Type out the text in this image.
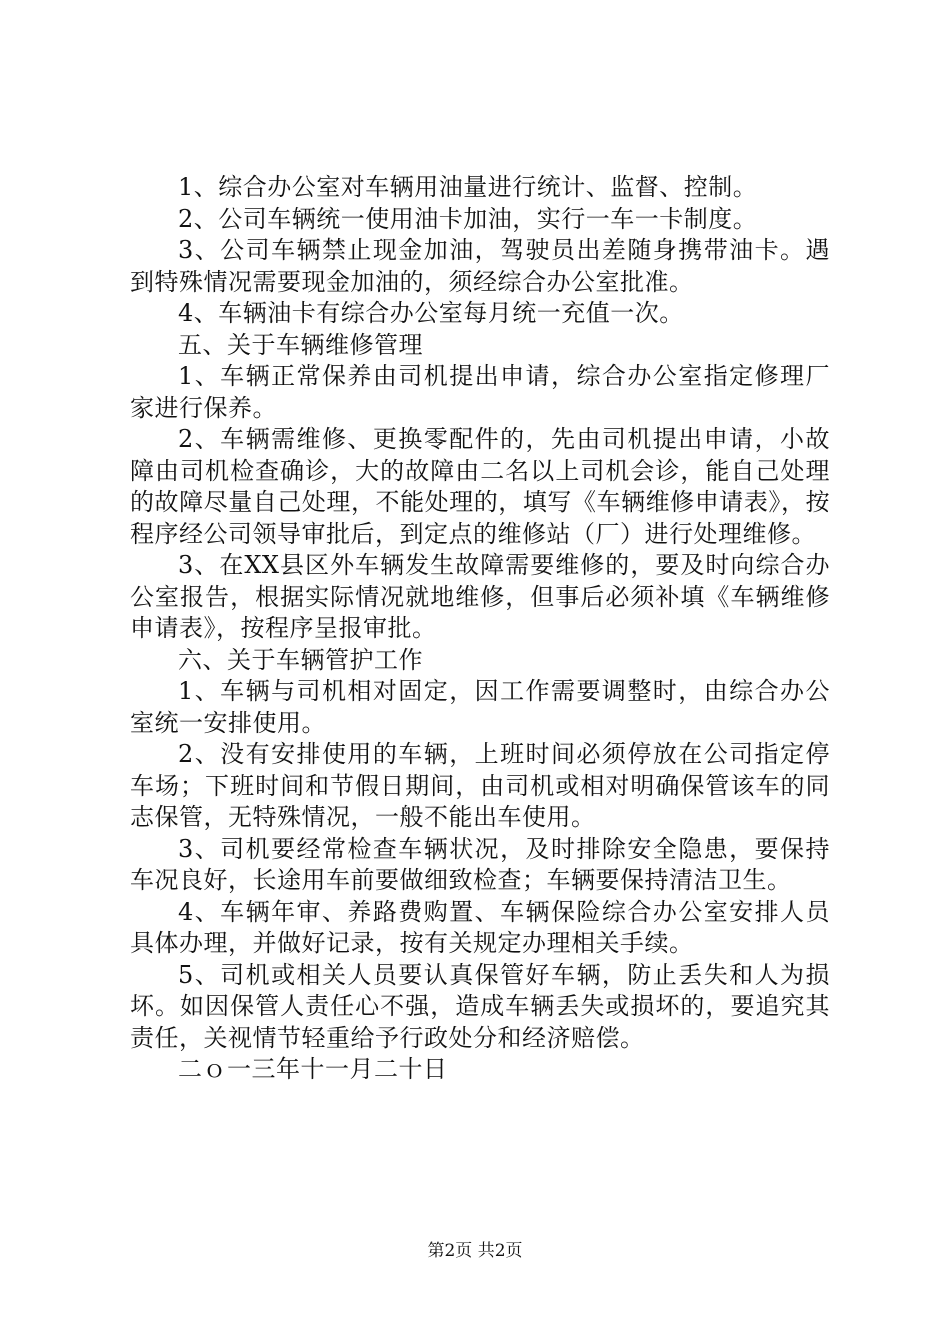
1、综合办公室对车辆用油量进行统计、监督、控制。

2、公司车辆统一使用油卡加油，实行一车一卡制度。

3、公司车辆禁止现金加油，驾驶员出差随身携带油卡。遇到特殊情况需要现金加油的，须经综合办公室批准。

4、车辆油卡有综合办公室每月统一充值一次。

五、关于车辆维修管理

1、车辆正常保养由司机提出申请，综合办公室指定修理厂家进行保养。

2、车辆需维修、更换零配件的，先由司机提出申请，小故障由司机检查确诊，大的故障由二名以上司机会诊，能自己处理的故障尽量自己处理，不能处理的，填写《车辆维修申请表》，按程序经公司领导审批后，到定点的维修站（厂）进行处理维修。

3、在XX县区外车辆发生故障需要维修的，要及时向综合办公室报告，根据实际情况就地维修，但事后必须补填《车辆维修申请表》，按程序呈报审批。

六、关于车辆管护工作

1、车辆与司机相对固定，因工作需要调整时，由综合办公室统一安排使用。

2、没有安排使用的车辆，上班时间必须停放在公司指定停车场；下班时间和节假日期间，由司机或相对明确保管该车的同志保管，无特殊情况，一般不能出车使用。

3、司机要经常检查车辆状况，及时排除安全隐患，要保持车况良好，长途用车前要做细致检查；车辆要保持清洁卫生。

4、车辆年审、养路费购置、车辆保险综合办公室安排人员具体办理，并做好记录，按有关规定办理相关手续。

5、司机或相关人员要认真保管好车辆，防止丢失和人为损坏。如因保管人责任心不强，造成车辆丢失或损坏的，要追究其责任，关视情节轻重给予行政处分和经济赔偿。

二ｏ一三年十一月二十日

第2页 共2页
